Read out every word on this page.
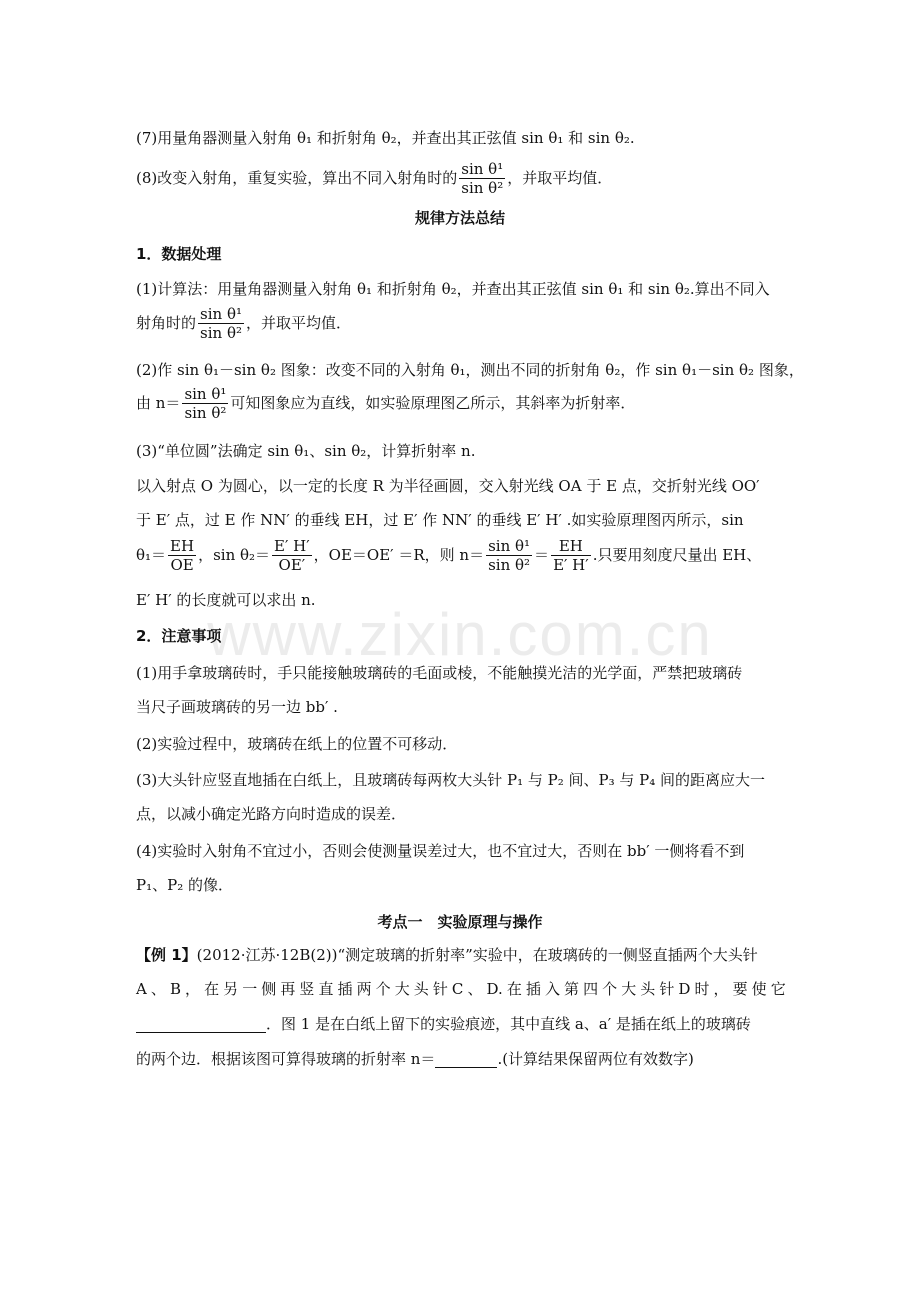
www.zixin.com.cn
(7)用量角器测量入射角 θ₁ 和折射角 θ₂，并查出其正弦值 sin θ₁ 和 sin θ₂.
(8)改变入射角，重复实验，算出不同入射角时的 $\frac{\text{sin θ¹}}{\text{sin θ²}}$ ，并取平均值．
规律方法总结
1．数据处理
(1)计算法：用量角器测量入射角 θ₁ 和折射角 θ₂，并查出其正弦值 sin θ₁ 和 sin θ₂.算出不同入
射角时的 $\frac{\text{sin θ¹}}{\text{sin θ²}}$ ，并取平均值．
(2)作 sin θ₁－sin θ₂ 图象：改变不同的入射角 θ₁，测出不同的折射角 θ₂，作 sin θ₁－sin θ₂ 图象，
由 $n= \frac{\text{sin θ¹}}{\text{sin θ²}}$ 可知图象应为直线，如实验原理图乙所示，其斜率为折射率．
(3)“单位圆”法确定 sin θ₁、sin θ₂，计算折射率 n.
以入射点 O 为圆心，以一定的长度 R 为半径画圆，交入射光线 OA 于 E 点，交折射光线 OO′
于 E′ 点，过 E 作 NN′ 的垂线 EH，过 E′ 作 NN′ 的垂线 E′ H′ .如实验原理图丙所示，sin
$\theta_1= \frac{EH}{OE}$ ，$\sin \theta_2= \frac{E' H'}{OE'}$ ，OE＝OE′ ＝R，则 $n= \frac{\text{sin θ¹}}{\text{sin θ²}} = \frac{EH}{E' H'}$ .只要用刻度尺量出 EH、
E′ H′ 的长度就可以求出 n.
2．注意事项
(1)用手拿玻璃砖时，手只能接触玻璃砖的毛面或棱，不能触摸光洁的光学面，严禁把玻璃砖
当尺子画玻璃砖的另一边 bb′ .
(2)实验过程中，玻璃砖在纸上的位置不可移动．
(3)大头针应竖直地插在白纸上，且玻璃砖每两枚大头针 P₁ 与 P₂ 间、P₃ 与 P₄ 间的距离应大一
点，以减小确定光路方向时造成的误差．
(4)实验时入射角不宜过小，否则会使测量误差过大，也不宜过大，否则在 bb′ 一侧将看不到
P₁、P₂ 的像．
考点一　实验原理与操作
【例 1】 (2012·江苏·12B(2))“测定玻璃的折射率”实验中，在玻璃砖的一侧竖直插两个大头针
A 、 B ， 在 另 一 侧 再 竖 直 插 两 个 大 头 针 C 、 D. 在 插 入 第 四 个 大 头 针 D 时 ， 要 使 它
．图 1 是在白纸上留下的实验痕迹，其中直线 a、a′ 是插在纸上的玻璃砖
的两个边．根据该图可算得玻璃的折射率 n＝	.(计算结果保留两位有效数字)
